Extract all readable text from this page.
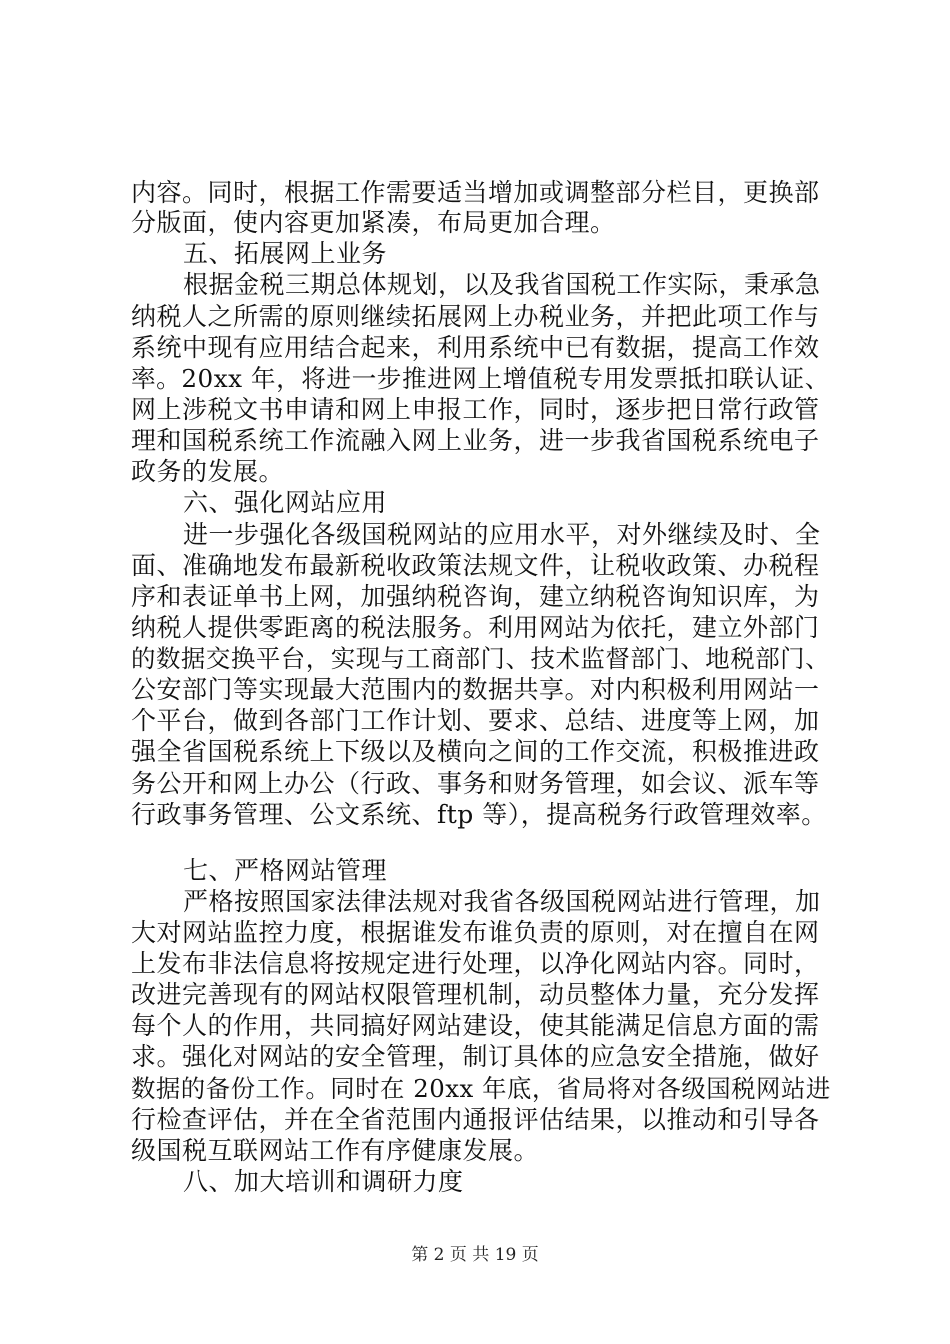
内容。同时，根据工作需要适当增加或调整部分栏目，更换部

分版面，使内容更加紧凑，布局更加合理。

五、拓展网上业务

根据金税三期总体规划，以及我省国税工作实际，秉承急

纳税人之所需的原则继续拓展网上办税业务，并把此项工作与

系统中现有应用结合起来，利用系统中已有数据，提高工作效

率。20xx 年，将进一步推进网上增值税专用发票抵扣联认证、

网上涉税文书申请和网上申报工作，同时，逐步把日常行政管

理和国税系统工作流融入网上业务，进一步我省国税系统电子

政务的发展。

六、强化网站应用

进一步强化各级国税网站的应用水平，对外继续及时、全

面、准确地发布最新税收政策法规文件，让税收政策、办税程

序和表证单书上网，加强纳税咨询，建立纳税咨询知识库，为

纳税人提供零距离的税法服务。利用网站为依托，建立外部门

的数据交换平台，实现与工商部门、技术监督部门、地税部门、

公安部门等实现最大范围内的数据共享。对内积极利用网站一

个平台，做到各部门工作计划、要求、总结、进度等上网，加

强全省国税系统上下级以及横向之间的工作交流，积极推进政

务公开和网上办公（行政、事务和财务管理，如会议、派车等

行政事务管理、公文系统、ftp 等），提高税务行政管理效率。

七、严格网站管理

严格按照国家法律法规对我省各级国税网站进行管理，加

大对网站监控力度，根据谁发布谁负责的原则，对在擅自在网

上发布非法信息将按规定进行处理，以净化网站内容。同时，

改进完善现有的网站权限管理机制，动员整体力量，充分发挥

每个人的作用，共同搞好网站建设，使其能满足信息方面的需

求。强化对网站的安全管理，制订具体的应急安全措施，做好

数据的备份工作。同时在 20xx 年底，省局将对各级国税网站进

行检查评估，并在全省范围内通报评估结果，以推动和引导各

级国税互联网站工作有序健康发展。

八、加大培训和调研力度

第 2 页 共 19 页
